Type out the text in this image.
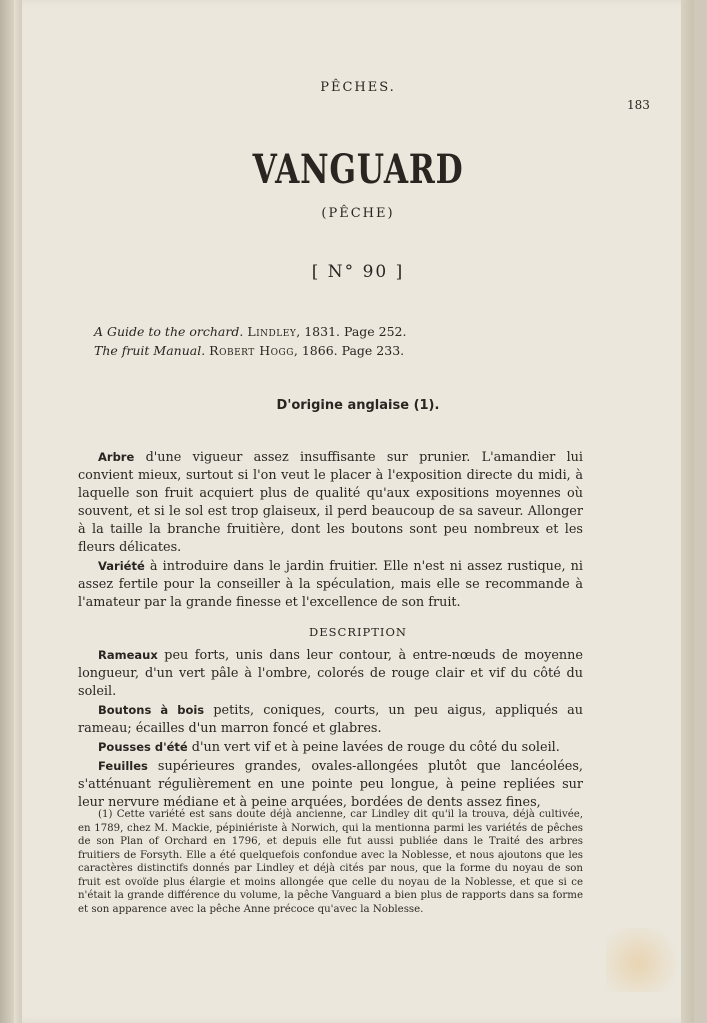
PÊCHES.
183
VANGUARD
(PÊCHE)
[ N° 90 ]
A Guide to the orchard. Lindley, 1831. Page 252.
The fruit Manual. Robert Hogg, 1866. Page 233.
D'origine anglaise (1).

Arbre d'une vigueur assez insuffisante sur prunier. L'amandier lui convient mieux, surtout si l'on veut le placer à l'exposition directe du midi, à laquelle son fruit acquiert plus de qualité qu'aux expositions moyennes où souvent, et si le sol est trop glaiseux, il perd beaucoup de sa saveur. Allonger à la taille la branche fruitière, dont les boutons sont peu nombreux et les fleurs délicates.

Variété à introduire dans le jardin fruitier. Elle n'est ni assez rustique, ni assez fertile pour la conseiller à la spéculation, mais elle se recommande à l'amateur par la grande finesse et l'excellence de son fruit.

DESCRIPTION

Rameaux peu forts, unis dans leur contour, à entre-nœuds de moyenne longueur, d'un vert pâle à l'ombre, colorés de rouge clair et vif du côté du soleil.

Boutons à bois petits, coniques, courts, un peu aigus, appliqués au rameau; écailles d'un marron foncé et glabres.

Pousses d'été d'un vert vif et à peine lavées de rouge du côté du soleil.

Feuilles supérieures grandes, ovales-allongées plutôt que lancéolées, s'atténuant régulièrement en une pointe peu longue, à peine repliées sur leur nervure médiane et à peine arquées, bordées de dents assez fines,

(1) Cette variété est sans doute déjà ancienne, car Lindley dit qu'il la trouva, déjà cultivée, en 1789, chez M. Mackie, pépiniériste à Norwich, qui la mentionna parmi les variétés de pêches de son Plan of Orchard en 1796, et depuis elle fut aussi publiée dans le Traité des arbres fruitiers de Forsyth. Elle a été quelquefois confondue avec la Noblesse, et nous ajoutons que les caractères distinctifs donnés par Lindley et déjà cités par nous, que la forme du noyau de son fruit est ovoïde plus élargie et moins allongée que celle du noyau de la Noblesse, et que si ce n'était la grande différence du volume, la pêche Vanguard a bien plus de rapports dans sa forme et son apparence avec la pêche Anne précoce qu'avec la Noblesse.
